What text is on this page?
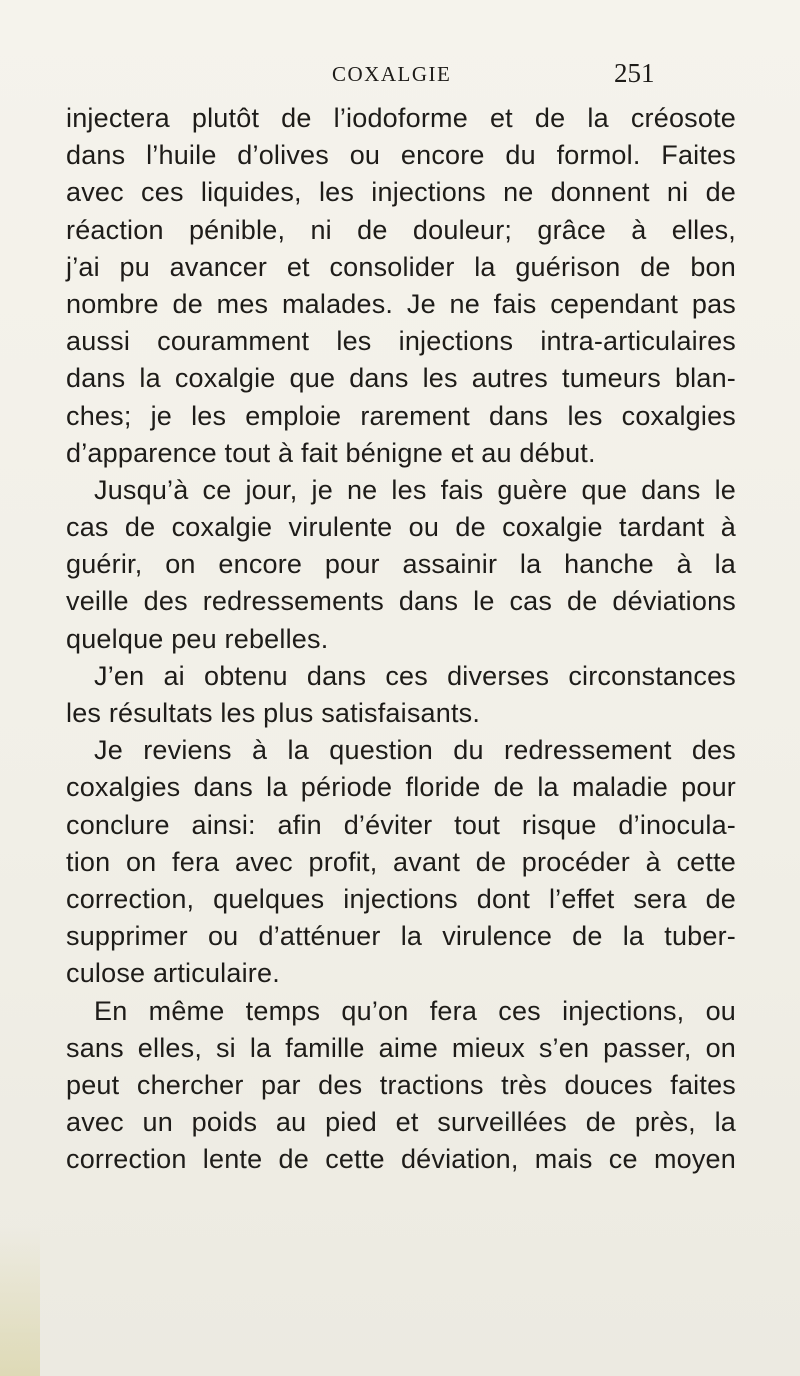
COXALGIE	251
injectera plutôt de l’iodoforme et de la créosote
dans l’huile d’olives ou encore du formol. Faites
avec ces liquides, les injections ne donnent ni de
réaction pénible, ni de douleur; grâce à elles,
j’ai pu avancer et consolider la guérison de bon
nombre de mes malades. Je ne fais cependant pas
aussi couramment les injections intra-articulaires
dans la coxalgie que dans les autres tumeurs blan-
ches; je les emploie rarement dans les coxalgies
d’apparence tout à fait bénigne et au début.
Jusqu’à ce jour, je ne les fais guère que dans le
cas de coxalgie virulente ou de coxalgie tardant à
guérir, on encore pour assainir la hanche à la
veille des redressements dans le cas de déviations
quelque peu rebelles.
J’en ai obtenu dans ces diverses circonstances
les résultats les plus satisfaisants.
Je reviens à la question du redressement des
coxalgies dans la période floride de la maladie pour
conclure ainsi: afin d’éviter tout risque d’inocula-
tion on fera avec profit, avant de procéder à cette
correction, quelques injections dont l’effet sera de
supprimer ou d’atténuer la virulence de la tuber-
culose articulaire.
En même temps qu’on fera ces injections, ou
sans elles, si la famille aime mieux s’en passer, on
peut chercher par des tractions très douces faites
avec un poids au pied et surveillées de près, la
correction lente de cette déviation, mais ce moyen
